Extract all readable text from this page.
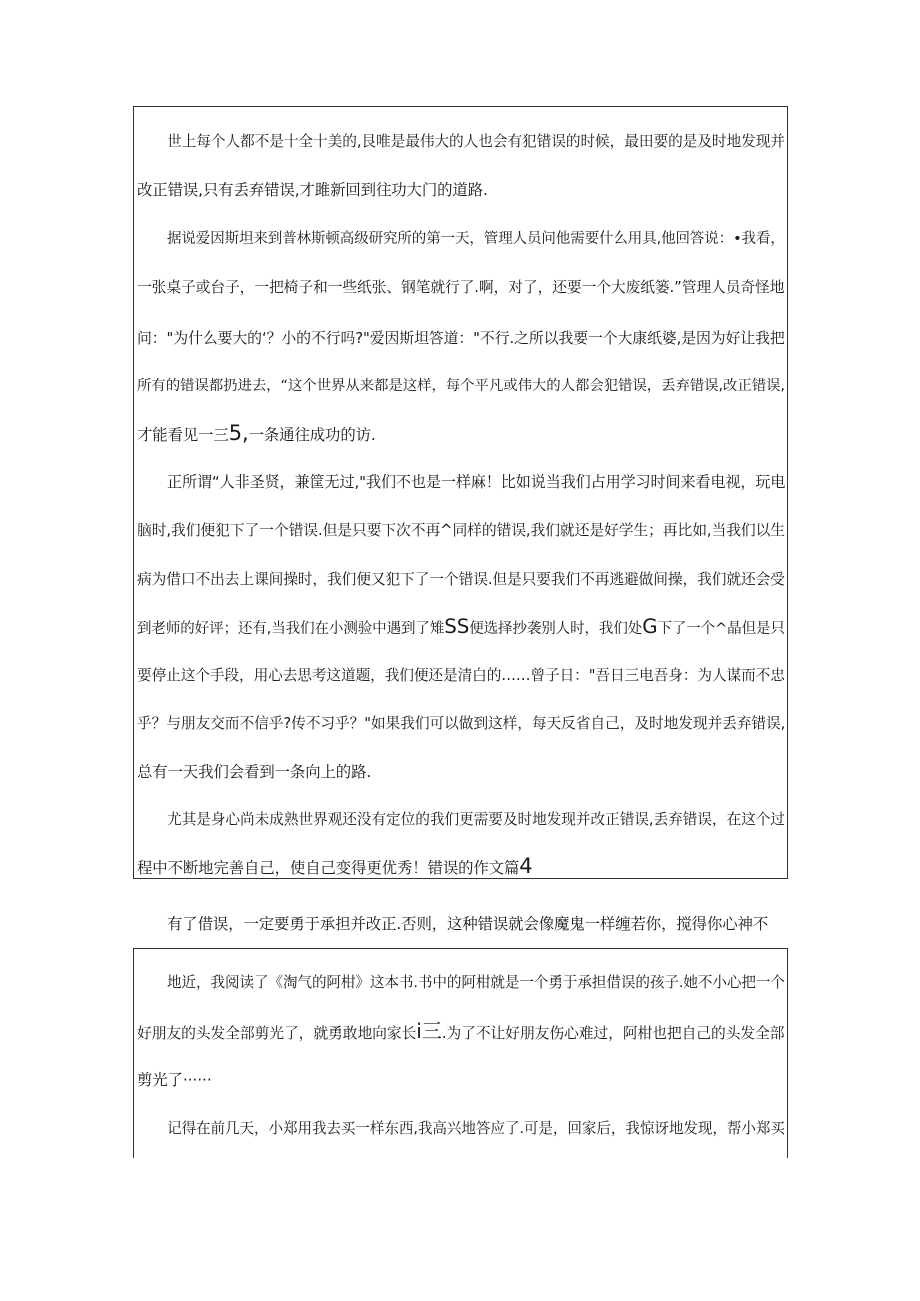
世上每个人都不是十全十美的,艮唯是最伟大的人也会有犯错误的时候，最田要的是及时地发现并
改正错误,只有丢弃错误,才雎新回到往功大门的道路.
据说爱因斯坦来到普林斯顿高级研究所的第一天，管理人员问他需要什么用具,他回答说：•我看，
一张桌子或台子，一把椅子和一些纸张、钢笔就行了.啊，对了，还要一个大废纸篓.”管理人员奇怪地
问："为什么要大的‘？小的不行吗?"爱因斯坦答道："不行.之所以我要一个大康纸婆,是因为好让我把
所有的错误都扔进去，“这个世界从来都是这样，每个平凡或伟大的人都会犯错误，丢弃错误,改正错误,
才能看见一三5,一条通往成功的访.
正所谓“人非圣贤，兼筐无过,"我们不也是一样麻！比如说当我们占用学习时间来看电视，玩电
脑时,我们便犯下了一个错误.但是只要下次不再^同样的错误,我们就还是好学生；再比如,当我们以生
病为借口不出去上课间操时，我们便又犯下了一个错误.但是只要我们不再逃避做间操，我们就还会受
到老师的好评；还有,当我们在小测验中遇到了雉SS便选择抄袭别人时，我们处G下了一个^晶但是只
要停止这个手段，用心去思考这道题，我们便还是清白的……曾子日："吾日三电吾身：为人谋而不忠
乎？与朋友交而不信乎?传不习乎？"如果我们可以做到这样，每天反省自己，及时地发现并丢弃错误,
总有一天我们会看到一条向上的路.
尤其是身心尚未成熟世界观还没有定位的我们更需要及时地发现并改正错误,丢弃错误，在这个过
程中不断地完善自己，使自己变得更优秀！错误的作文篇4
有了借误，一定要勇于承担并改正.否则，这种错误就会像魔鬼一样缠若你，搅得你心神不
地近，我阅读了《淘气的阿柑》这本书.书中的阿柑就是一个勇于承担借误的孩子.她不小心把一个
好朋友的头发全部剪光了，就勇敢地向家长i三.为了不让好朋友伤心难过，阿柑也把自己的头发全部
剪光了······
记得在前几天，小郑用我去买一样东西,我高兴地答应了.可是，回家后，我惊讶地发现，帮小郑买
